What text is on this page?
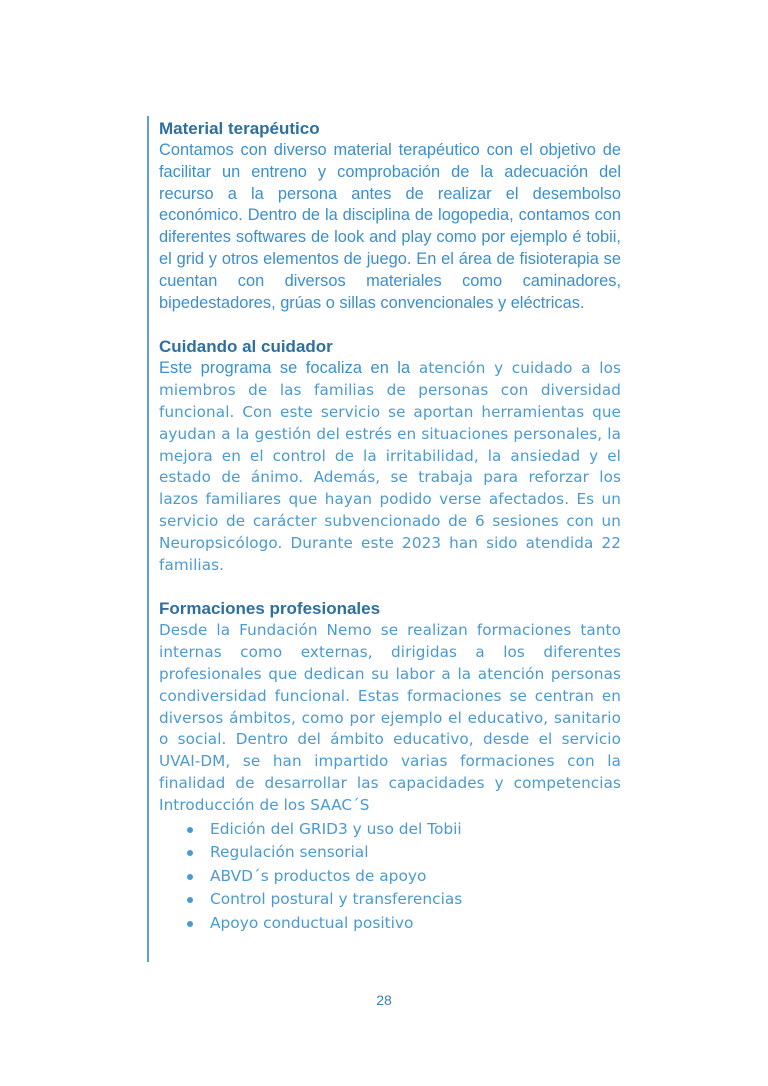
Material terapéutico

Contamos con diverso material terapéutico con el objetivo de facilitar un entreno y comprobación de la adecuación del recurso a la persona antes de realizar el desembolso económico. Dentro de la disciplina de logopedia, contamos con diferentes softwares de look and play como por ejemplo é tobii, el grid y otros elementos de juego. En el área de fisioterapia se cuentan con diversos materiales como caminadores, bipedestadores, grúas o sillas convencionales y eléctricas.

Cuidando al cuidador

Este programa se focaliza en la atención y cuidado a los miembros de las familias de personas con diversidad funcional. Con este servicio se aportan herramientas que ayudan a la gestión del estrés en situaciones personales, la mejora en el control de la irritabilidad, la ansiedad y el estado de ánimo. Además, se trabaja para reforzar los lazos familiares que hayan podido verse afectados. Es un servicio de carácter subvencionado de 6 sesiones con un Neuropsicólogo. Durante este 2023 han sido atendida 22 familias.

Formaciones profesionales

Desde la Fundación Nemo se realizan formaciones tanto internas como externas, dirigidas a los diferentes profesionales que dedican su labor a la atención personas condiversidad funcional. Estas formaciones se centran en diversos ámbitos, como por ejemplo el educativo, sanitario o social. Dentro del ámbito educativo, desde el servicio UVAI-DM, se han impartido varias formaciones con la finalidad de desarrollar las capacidades y competencias Introducción de los SAAC´S

Edición del GRID3 y uso del Tobii
Regulación sensorial
ABVD´s productos de apoyo
Control postural y transferencias
Apoyo conductual positivo
28
